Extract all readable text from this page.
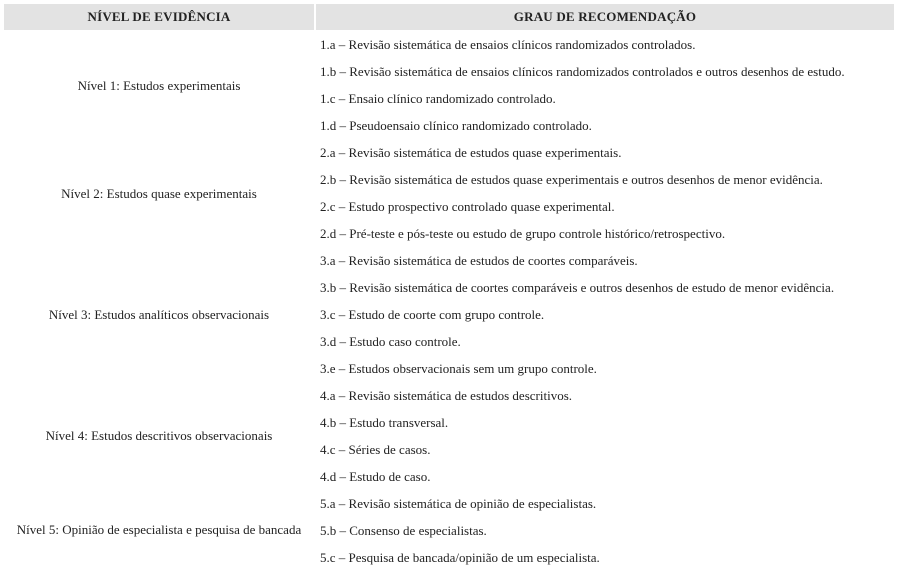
NÍVEL DE EVIDÊNCIA	GRAU DE RECOMENDAÇÃO
Nível 1: Estudos experimentais
Nível 2: Estudos quase experimentais
Nível 3: Estudos analíticos observacionais
Nível 4: Estudos descritivos observacionais
Nível 5: Opinião de especialista e pesquisa de bancada
1.a – Revisão sistemática de ensaios clínicos randomizados controlados.
1.b – Revisão sistemática de ensaios clínicos randomizados controlados e outros desenhos de estudo.
1.c – Ensaio clínico randomizado controlado.
1.d – Pseudoensaio clínico randomizado controlado.
2.a – Revisão sistemática de estudos quase experimentais.
2.b – Revisão sistemática de estudos quase experimentais e outros desenhos de menor evidência.
2.c – Estudo prospectivo controlado quase experimental.
2.d – Pré-teste e pós-teste ou estudo de grupo controle histórico/retrospectivo.
3.a – Revisão sistemática de estudos de coortes comparáveis.
3.b – Revisão sistemática de coortes comparáveis e outros desenhos de estudo de menor evidência.
3.c – Estudo de coorte com grupo controle.
3.d – Estudo caso controle.
3.e – Estudos observacionais sem um grupo controle.
4.a – Revisão sistemática de estudos descritivos.
4.b – Estudo transversal.
4.c – Séries de casos.
4.d – Estudo de caso.
5.a – Revisão sistemática de opinião de especialistas.
5.b – Consenso de especialistas.
5.c – Pesquisa de bancada/opinião de um especialista.
